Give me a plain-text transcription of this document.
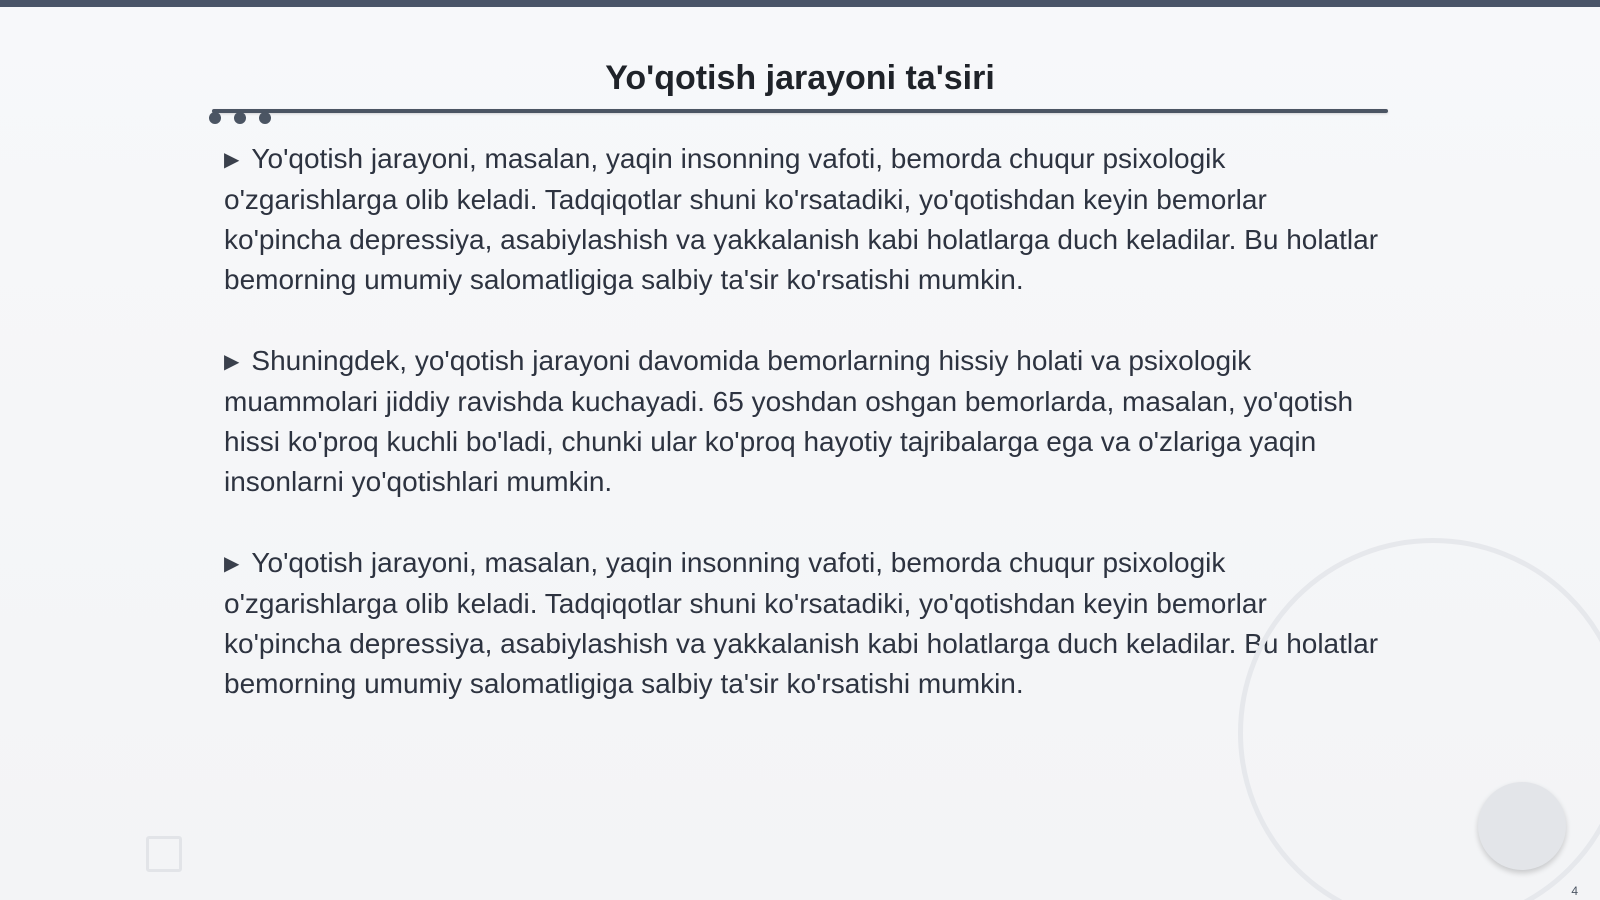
Yo'qotish jarayoni ta'siri

▶ Yo'qotish jarayoni, masalan, yaqin insonning vafoti, bemorda chuqur psixologik o'zgarishlarga olib keladi. Tadqiqotlar shuni ko'rsatadiki, yo'qotishdan keyin bemorlar ko'pincha depressiya, asabiylashish va yakkalanish kabi holatlarga duch keladilar. Bu holatlar bemorning umumiy salomatligiga salbiy ta'sir ko'rsatishi mumkin.

▶ Shuningdek, yo'qotish jarayoni davomida bemorlarning hissiy holati va psixologik muammolari jiddiy ravishda kuchayadi. 65 yoshdan oshgan bemorlarda, masalan, yo'qotish hissi ko'proq kuchli bo'ladi, chunki ular ko'proq hayotiy tajribalarga ega va o'zlariga yaqin insonlarni yo'qotishlari mumkin.

▶ Yo'qotish jarayoni, masalan, yaqin insonning vafoti, bemorda chuqur psixologik o'zgarishlarga olib keladi. Tadqiqotlar shuni ko'rsatadiki, yo'qotishdan keyin bemorlar ko'pincha depressiya, asabiylashish va yakkalanish kabi holatlarga duch keladilar. Bu holatlar bemorning umumiy salomatligiga salbiy ta'sir ko'rsatishi mumkin.

4
